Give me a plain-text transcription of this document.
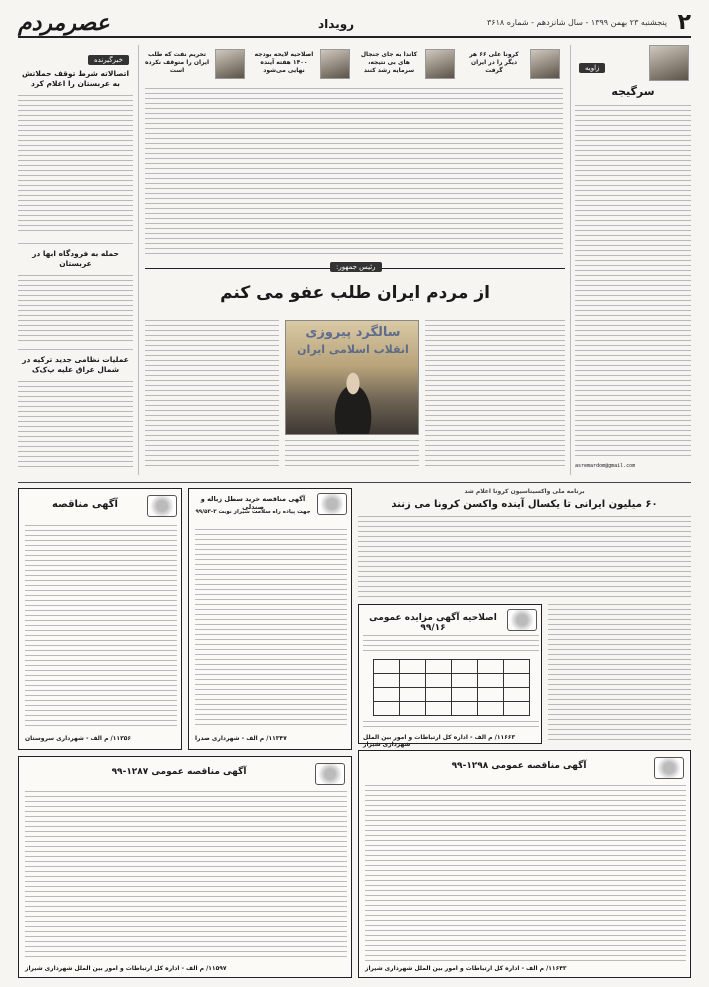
۲
پنجشنبه ۲۳ بهمن ۱۳۹۹ - سال شانزدهم - شماره ۳۶۱۸
رویداد
عصرمردم
کرونا علی ۶۶ هر دیگر را در ایران گرفت
کاندا به جای جنجال های بی نتیجه، سرمایه رشد کنند
اصلاحیه لایحه بودجه ۱۴۰۰ هفته آینده نهایی می‌شود
تحریم نفت که طلب ایران را متوقف نکرده است	زاویه
سرگیجه
asremardom@gmail.com
خبرگیرنده
اتصالاته شرط توقف حملاتش به عربستان را اعلام کرد
حمله به فرودگاه ابها در عربستان
عملیات نظامی جدید ترکیه در شمال عراق علیه پ‌ک‌ک
رئیس جمهور:
از مردم ایران طلب عفو می کنم
سالگرد پیروزی
انقلاب اسلامی ایران
برنامه ملی واکسیناسیون کرونا اعلام شد
۶۰ میلیون ایرانی تا یکسال آینده واکسن کرونا می زنند
اصلاحیه آگهی مزایده عمومی ۹۹/۱۶

۱۱۶۶۳/ م الف - اداره کل ارتباطات و امور بین الملل شهرداری شیراز
آگهی مناقصه عمومی ۱۲۹۸-۹۹
۱۱۶۴۳/ م الف - اداره کل ارتباطات و امور بین الملل شهرداری شیراز
آگهی مناقصه خرید سطل زباله و صندلی
جهت پیاده راه سلامت شیراز نوبت ۳-۹۹/۵۳
۱۱۳۴۷/ م الف - شهرداری صدرا
آگهی مناقصه
۱۱۳۵۶/ م الف - شهرداری سروستان
آگهی مناقصه عمومی ۱۲۸۷-۹۹
۱۱۵۹۷/ م الف - اداره کل ارتباطات و امور بین الملل شهرداری شیراز
